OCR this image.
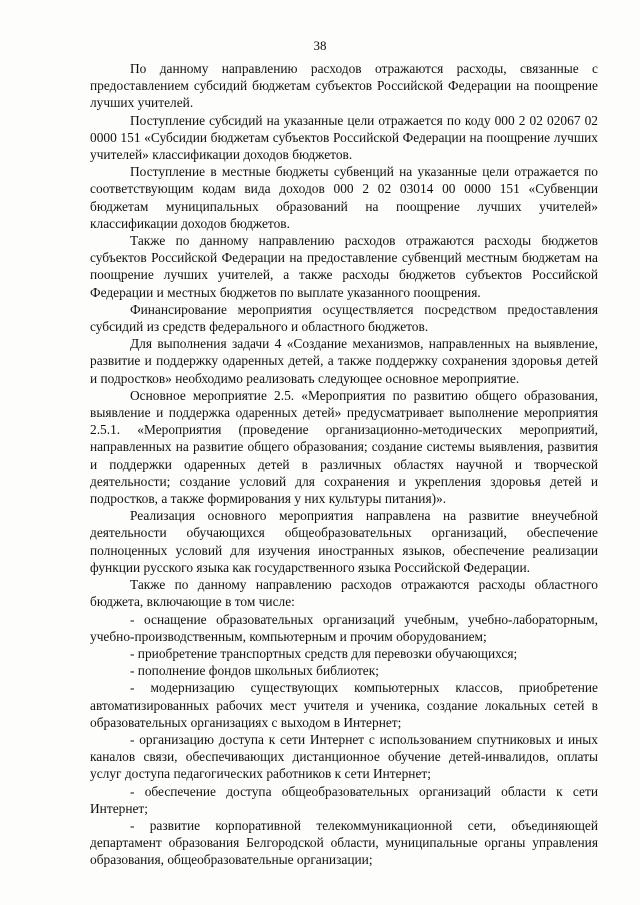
38

По данному направлению расходов отражаются расходы, связанные с предоставлением субсидий бюджетам субъектов Российской Федерации на поощрение лучших учителей.

Поступление субсидий на указанные цели отражается по коду 000 2 02 02067 02 0000 151 «Субсидии бюджетам субъектов Российской Федерации на поощрение лучших учителей» классификации доходов бюджетов.

Поступление в местные бюджеты субвенций на указанные цели отражается по соответствующим кодам вида доходов 000 2 02 03014 00 0000 151 «Субвенции бюджетам муниципальных образований на поощрение лучших учителей» классификации доходов бюджетов.

Также по данному направлению расходов отражаются расходы бюджетов субъектов Российской Федерации на предоставление субвенций местным бюджетам на поощрение лучших учителей, а также расходы бюджетов субъектов Российской Федерации и местных бюджетов по выплате указанного поощрения.

Финансирование мероприятия осуществляется посредством предоставления субсидий из средств федерального и областного бюджетов.

Для выполнения задачи 4 «Создание механизмов, направленных на выявление, развитие и поддержку одаренных детей, а также поддержку сохранения здоровья детей и подростков» необходимо реализовать следующее основное мероприятие.

Основное мероприятие 2.5. «Мероприятия по развитию общего образования, выявление и поддержка одаренных детей» предусматривает выполнение мероприятия 2.5.1. «Мероприятия (проведение организационно-методических мероприятий, направленных на развитие общего образования; создание системы выявления, развития и поддержки одаренных детей в различных областях научной и творческой деятельности; создание условий для сохранения и укрепления здоровья детей и подростков, а также формирования у них культуры питания)».

Реализация основного мероприятия направлена на развитие внеучебной деятельности обучающихся общеобразовательных организаций, обеспечение полноценных условий для изучения иностранных языков, обеспечение реализации функции русского языка как государственного языка Российской Федерации.

Также по данному направлению расходов отражаются расходы областного бюджета, включающие в том числе:

- оснащение образовательных организаций учебным, учебно-лабораторным, учебно-производственным, компьютерным и прочим оборудованием;

- приобретение транспортных средств для перевозки обучающихся;

- пополнение фондов школьных библиотек;

- модернизацию существующих компьютерных классов, приобретение автоматизированных рабочих мест учителя и ученика, создание локальных сетей в образовательных организациях с выходом в Интернет;

- организацию доступа к сети Интернет с использованием спутниковых и иных каналов связи, обеспечивающих дистанционное обучение детей-инвалидов, оплаты услуг доступа педагогических работников к сети Интернет;

- обеспечение доступа общеобразовательных организаций области к сети Интернет;

- развитие корпоративной телекоммуникационной сети, объединяющей департамент образования Белгородской области, муниципальные органы управления образования, общеобразовательные организации;
